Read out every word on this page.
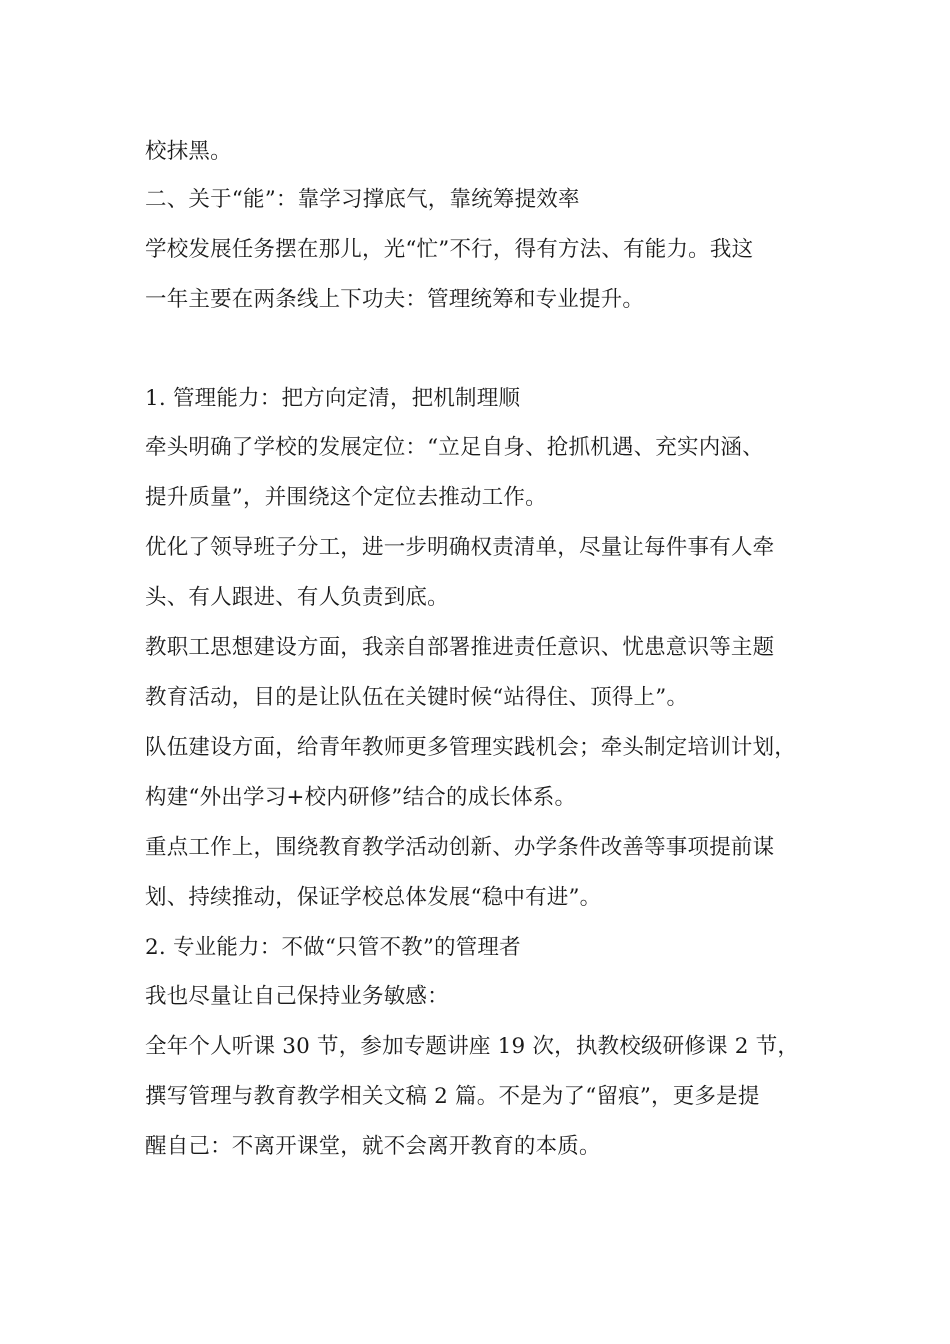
校抹黑。
二、关于“能”：靠学习撑底气，靠统筹提效率
学校发展任务摆在那儿，光“忙”不行，得有方法、有能力。我这
一年主要在两条线上下功夫：管理统筹和专业提升。
1. 管理能力：把方向定清，把机制理顺
牵头明确了学校的发展定位：“立足自身、抢抓机遇、充实内涵、
提升质量”，并围绕这个定位去推动工作。
优化了领导班子分工，进一步明确权责清单，尽量让每件事有人牵
头、有人跟进、有人负责到底。
教职工思想建设方面，我亲自部署推进责任意识、忧患意识等主题
教育活动，目的是让队伍在关键时候“站得住、顶得上”。
队伍建设方面，给青年教师更多管理实践机会；牵头制定培训计划，
构建“外出学习+校内研修”结合的成长体系。
重点工作上，围绕教育教学活动创新、办学条件改善等事项提前谋
划、持续推动，保证学校总体发展“稳中有进”。
2. 专业能力：不做“只管不教”的管理者
我也尽量让自己保持业务敏感：
全年个人听课 30 节，参加专题讲座 19 次，执教校级研修课 2 节，
撰写管理与教育教学相关文稿 2 篇。不是为了“留痕”，更多是提
醒自己：不离开课堂，就不会离开教育的本质。
